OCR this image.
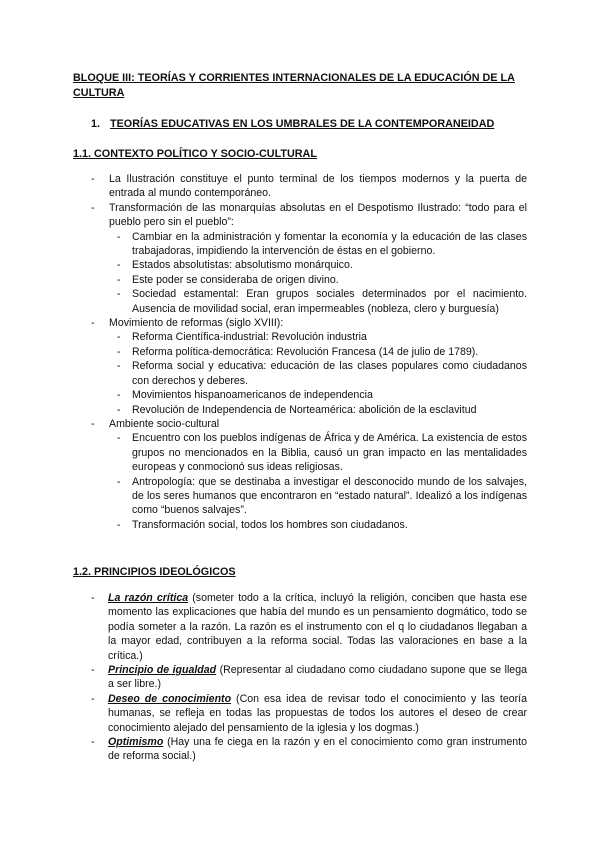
BLOQUE III: TEORÍAS Y CORRIENTES INTERNACIONALES DE LA EDUCACIÓN DE LA CULTURA
1. TEORÍAS EDUCATIVAS EN LOS UMBRALES DE LA CONTEMPORANEIDAD
1.1. CONTEXTO POLÍTICO Y SOCIO-CULTURAL
- La Ilustración constituye el punto terminal de los tiempos modernos y la puerta de entrada al mundo contemporáneo.
- Transformación de las monarquías absolutas en el Despotismo Ilustrado: “todo para el pueblo pero sin el pueblo”:
- Cambiar en la administración y fomentar la economía y la educación de las clases trabajadoras, impidiendo la intervención de éstas en el gobierno.
- Estados absolutistas: absolutismo monárquico.
- Este poder se consideraba de origen divino.
- Sociedad estamental: Eran grupos sociales determinados por el nacimiento. Ausencia de movilidad social, eran impermeables (nobleza, clero y burguesía)
- Movimiento de reformas (siglo XVIII):
- Reforma Científica-industrial: Revolución industria
- Reforma política-democrática: Revolución Francesa (14 de julio de 1789).
- Reforma social y educativa: educación de las clases populares como ciudadanos con derechos y deberes.
- Movimientos hispanoamericanos de independencia
- Revolución de Independencia de Norteamérica: abolición de la esclavitud
- Ambiente socio-cultural
- Encuentro con los pueblos indígenas de África y de América. La existencia de estos grupos no mencionados en la Biblia, causó un gran impacto en las mentalidades europeas y conmocionó sus ideas religiosas.
- Antropología: que se destinaba a investigar el desconocido mundo de los salvajes, de los seres humanos que encontraron en “estado natural”. Idealizó a los indígenas como “buenos salvajes”.
- Transformación social, todos los hombres son ciudadanos.
1.2. PRINCIPIOS IDEOLÓGICOS
- La razón crítica (someter todo a la crítica, incluyó la religión, conciben que hasta ese momento las explicaciones que había del mundo es un pensamiento dogmático, todo se podía someter a la razón. La razón es el instrumento con el q lo ciudadanos llegaban a la mayor edad, contribuyen a la reforma social. Todas las valoraciones en base a la crítica.)
- Principio de igualdad (Representar al ciudadano como ciudadano supone que se llega a ser libre.)
- Deseo de conocimiento (Con esa idea de revisar todo el conocimiento y las teoría humanas, se refleja en todas las propuestas de todos los autores el deseo de crear conocimiento alejado del pensamiento de la iglesia y los dogmas.)
- Optimismo (Hay una fe ciega en la razón y en el conocimiento como gran instrumento de reforma social.)
